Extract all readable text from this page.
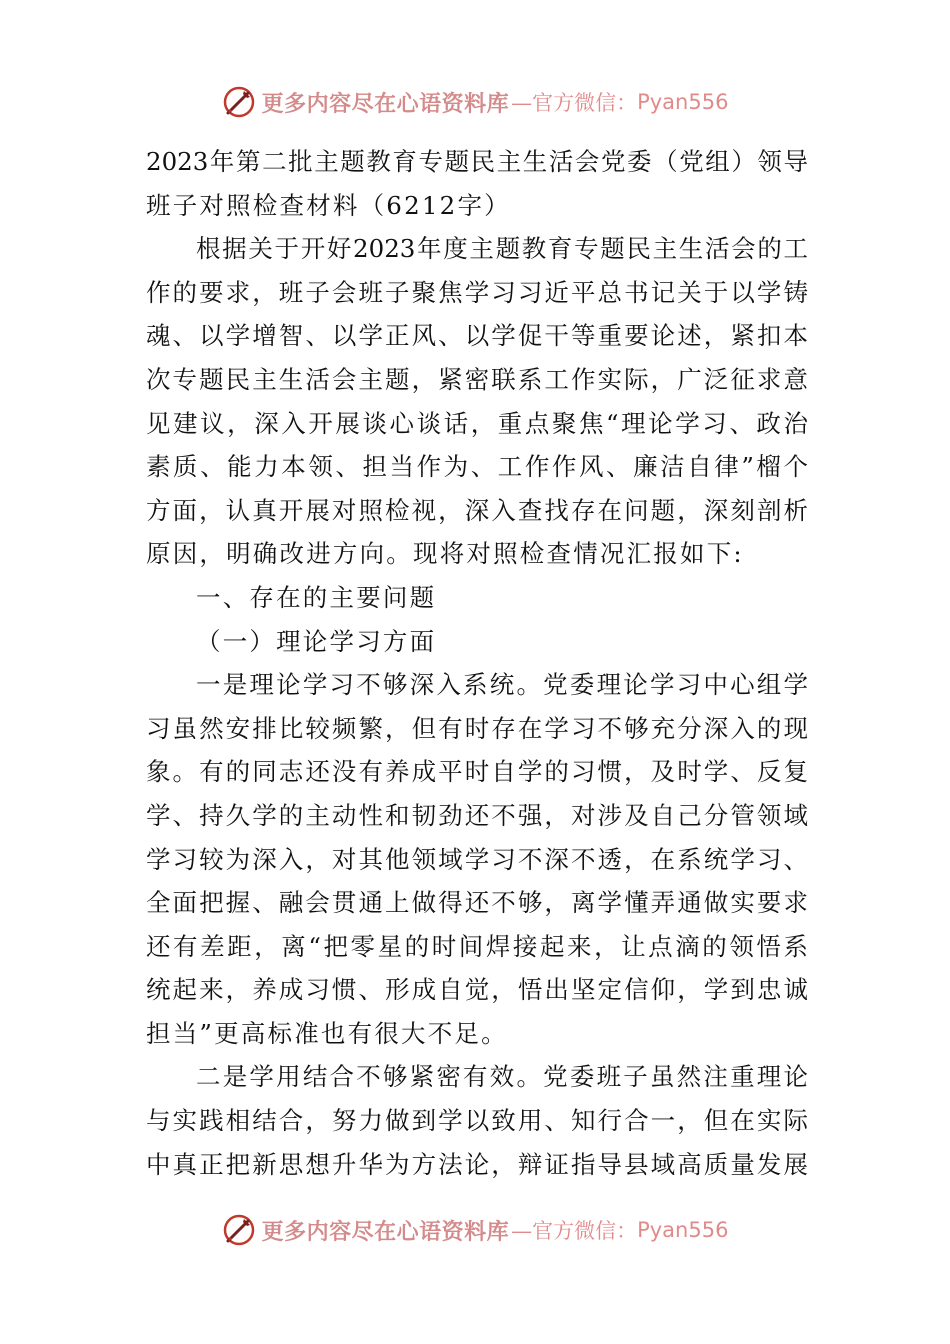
更多内容尽在心语资料库 —官方微信： Pyan556
2023年第二批主题教育专题民主生活会党委（党组）领导
班子对照检查材料（6212字）
根据关于开好2023年度主题教育专题民主生活会的工
作的要求，班子会班子聚焦学习习近平总书记关于以学铸
魂、以学增智、以学正风、以学促干等重要论述，紧扣本
次专题民主生活会主题，紧密联系工作实际，广泛征求意
见建议，深入开展谈心谈话，重点聚焦“理论学习、政治
素质、能力本领、担当作为、工作作风、廉洁自律”榴个
方面，认真开展对照检视，深入查找存在问题，深刻剖析
原因，明确改进方向。现将对照检查情况汇报如下:
一、存在的主要问题
（一）理论学习方面
一是理论学习不够深入系统。党委理论学习中心组学
习虽然安排比较频繁，但有时存在学习不够充分深入的现
象。有的同志还没有养成平时自学的习惯，及时学、反复
学、持久学的主动性和韧劲还不强，对涉及自己分管领域
学习较为深入，对其他领域学习不深不透，在系统学习、
全面把握、融会贯通上做得还不够，离学懂弄通做实要求
还有差距，离“把零星的时间焊接起来，让点滴的领悟系
统起来，养成习惯、形成自觉，悟出坚定信仰，学到忠诚
担当”更高标准也有很大不足。
二是学用结合不够紧密有效。党委班子虽然注重理论
与实践相结合，努力做到学以致用、知行合一，但在实际
中真正把新思想升华为方法论，辩证指导县域高质量发展
更多内容尽在心语资料库 —官方微信： Pyan556
